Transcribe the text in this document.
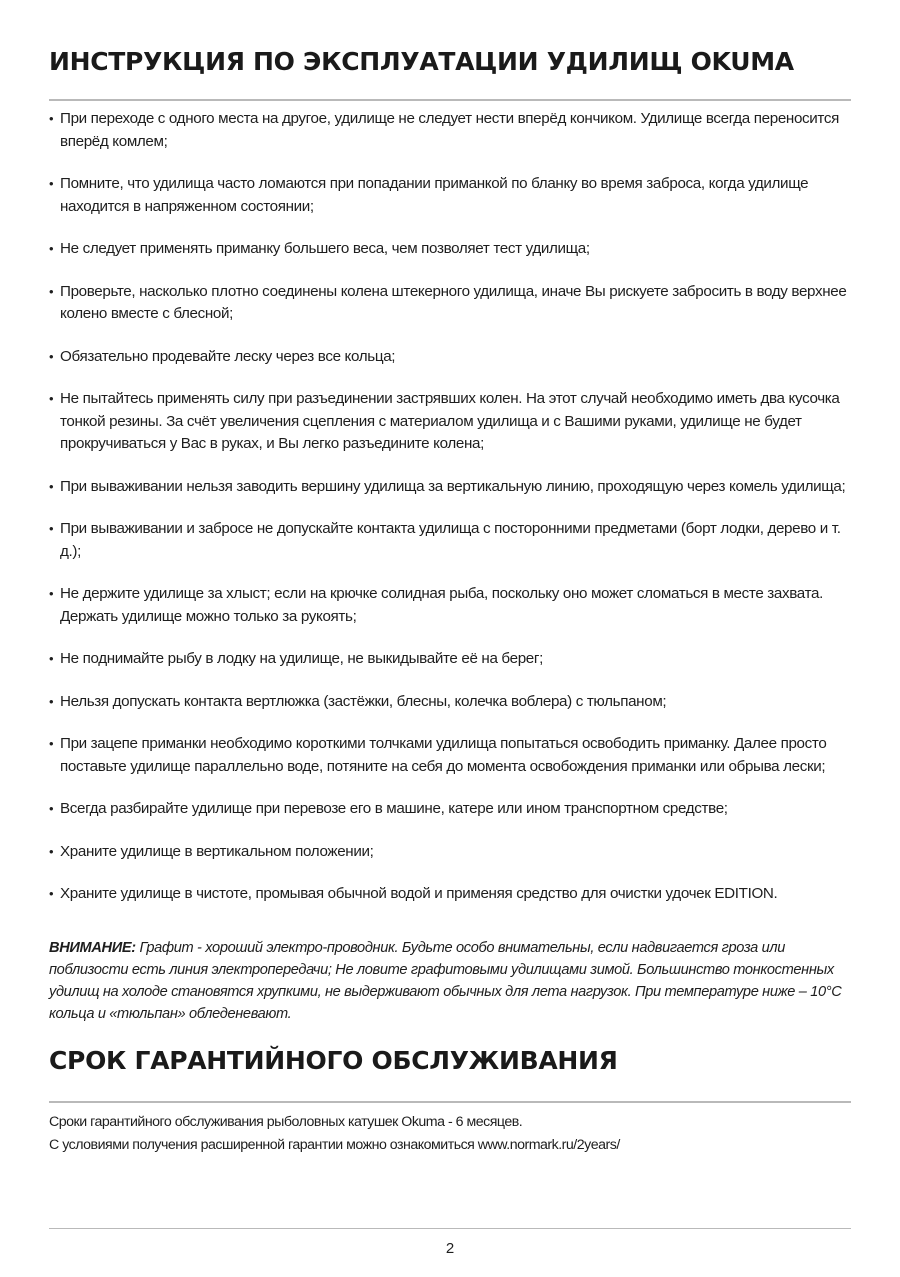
ИНСТРУКЦИЯ ПО ЭКСПЛУАТАЦИИ УДИЛИЩ OKUMA
• При переходе с одного места на другое, удилище не следует нести вперёд кончиком. Удилище всегда переносится вперёд комлем;
• Помните, что удилища часто ломаются при попадании приманкой по бланку во время заброса, когда удилище находится в напряженном состоянии;
• Не следует применять приманку большего веса, чем позволяет тест удилища;
• Проверьте, насколько плотно соединены колена штекерного удилища, иначе Вы рискуете забросить в воду верхнее колено вместе с блесной;
• Обязательно продевайте леску через все кольца;
• Не пытайтесь применять силу при разъединении застрявших колен. На этот случай необходимо иметь два кусочка тонкой резины. За счёт увеличения сцепления с материалом удилища и с Вашими руками, удилище не будет прокручиваться у Вас в руках, и Вы легко разъедините колена;
• При вываживании нельзя заводить вершину удилища за вертикальную линию, проходящую через комель удилища;
• При вываживании и забросе не допускайте контакта удилища с посторонними предметами (борт лодки, дерево и т. д.);
• Не держите удилище за хлыст; если на крючке солидная рыба, поскольку оно может сломаться в месте захвата. Держать удилище можно только за рукоять;
• Не поднимайте рыбу в лодку на удилище, не выкидывайте её на берег;
• Нельзя допускать контакта вертлюжка (застёжки, блесны, колечка воблера) с тюльпаном;
• При зацепе приманки необходимо короткими толчками удилища попытаться освободить приманку. Далее просто поставьте удилище параллельно воде, потяните на себя до момента освобождения приманки или обрыва лески;
• Всегда разбирайте удилище при перевозе его в машине, катере или ином транспортном средстве;
• Храните удилище в вертикальном положении;
• Храните удилище в чистоте, промывая обычной водой и применяя средство для очистки удочек EDITION.

ВНИМАНИЕ: Графит - хороший электро-проводник. Будьте особо внимательны, если надвигается гроза или поблизости есть линия электропередачи; Не ловите графитовыми удилищами зимой. Большинство тонкостенных удилищ на холоде становятся хрупкими, не выдерживают обычных для лета нагрузок. При температуре ниже – 10°С кольца и «тюльпан» обледеневают.

СРОК ГАРАНТИЙНОГО ОБСЛУЖИВАНИЯ
Сроки гарантийного обслуживания рыболовных катушек Okuma - 6 месяцев.
С условиями получения расширенной гарантии можно ознакомиться www.normark.ru/2years/
2
